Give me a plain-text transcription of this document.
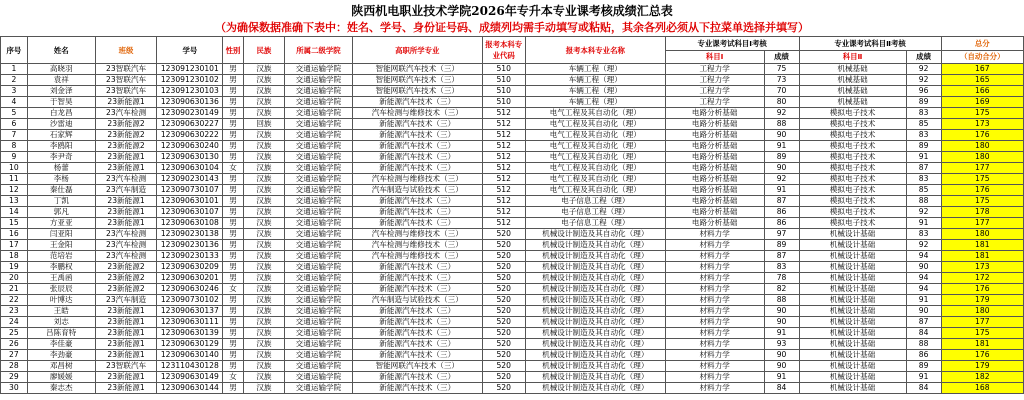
陕西机电职业技术学院2026年专升本专业课考核成绩汇总表
（为确保数据准确下表中：姓名、学号、身份证号码、成绩列均需手动填写或粘贴，其余各列必须从下拉菜单选择并填写）
序号	姓名	班级	学号	性别	民族	所属二级学院	高职所学专业	报考本科专业代码	报考本科专业名称	专业课考试科目Ⅰ考核		专业课考试科目Ⅱ考核		总分
										科目Ⅰ	成绩	科目Ⅱ	成绩	（自动合分）
1	高晓羽	23智联汽车	123091230101	男	汉族	交通运输学院	智能网联汽车技术（三）	510	车辆工程（理）	工程力学	75	机械基础	92	167
2	袁祥	23智联汽车	123091230102	男	汉族	交通运输学院	智能网联汽车技术（三）	510	车辆工程（理）	工程力学	73	机械基础	92	165
3	刘金泽	23智联汽车	123091230103	男	汉族	交通运输学院	智能网联汽车技术（三）	510	车辆工程（理）	工程力学	70	机械基础	96	166
4	于智昊	23新能源1	123090630136	男	汉族	交通运输学院	新能源汽车技术（三）	510	车辆工程（理）	工程力学	80	机械基础	89	169
5	白龙昌	23汽车检测	123090230149	男	汉族	交通运输学院	汽车检测与维修技术（三）	512	电气工程及其自动化（理）	电路分析基础	92	模拟电子技术	83	175
6	沙雷迪	23新能源2	123090630227	男	回族	交通运输学院	新能源汽车技术（三）	512	电气工程及其自动化（理）	电路分析基础	88	模拟电子技术	85	173
7	石家辉	23新能源2	123090630222	男	汉族	交通运输学院	新能源汽车技术（三）	512	电气工程及其自动化（理）	电路分析基础	90	模拟电子技术	83	176
8	李鸥阳	23新能源2	123090630240	男	汉族	交通运输学院	新能源汽车技术（三）	512	电气工程及其自动化（理）	电路分析基础	91	模拟电子技术	89	180
9	李尹奇	23新能源1	123090630130	男	汉族	交通运输学院	新能源汽车技术（三）	512	电气工程及其自动化（理）	电路分析基础	89	模拟电子技术	91	180
10	杨蕾	23新能源1	123090630104	女	汉族	交通运输学院	新能源汽车技术（三）	512	电气工程及其自动化（理）	电路分析基础	90	模拟电子技术	87	177
11	李杨	23汽车检测	123090230143	男	汉族	交通运输学院	汽车检测与维修技术（三）	512	电气工程及其自动化（理）	电路分析基础	92	模拟电子技术	83	175
12	秦仕磊	23汽车制造	123090730107	男	汉族	交通运输学院	汽车制造与试验技术（三）	512	电气工程及其自动化（理）	电路分析基础	91	模拟电子技术	85	176
13	丁凯	23新能源1	123090630101	男	汉族	交通运输学院	新能源汽车技术（三）	512	电子信息工程（理）	电路分析基础	87	模拟电子技术	88	175
14	郭凡	23新能源1	123090630107	男	汉族	交通运输学院	新能源汽车技术（三）	512	电子信息工程（理）	电路分析基础	86	模拟电子技术	92	178
15	方亚亚	23新能源1	123090630108	男	汉族	交通运输学院	新能源汽车技术（三）	512	电子信息工程（理）	电路分析基础	86	模拟电子技术	91	177
16	闫亚阳	23汽车检测	123090230138	男	汉族	交通运输学院	汽车检测与维修技术（三）	520	机械设计制造及其自动化（理）	材料力学	97	机械设计基础	83	180
17	王金阳	23汽车检测	123090230136	男	汉族	交通运输学院	汽车检测与维修技术（三）	520	机械设计制造及其自动化（理）	材料力学	89	机械设计基础	92	181
18	范培岩	23汽车检测	123090230133	男	汉族	交通运输学院	汽车检测与维修技术（三）	520	机械设计制造及其自动化（理）	材料力学	87	机械设计基础	94	181
19	李鹏权	23新能源2	123090630209	男	汉族	交通运输学院	新能源汽车技术（三）	520	机械设计制造及其自动化（理）	材料力学	83	机械设计基础	90	173
20	王禹函	23新能源2	123090630201	男	汉族	交通运输学院	新能源汽车技术（三）	520	机械设计制造及其自动化（理）	材料力学	78	机械设计基础	94	172
21	张辰辰	23新能源2	123090630246	女	汉族	交通运输学院	新能源汽车技术（三）	520	机械设计制造及其自动化（理）	材料力学	82	机械设计基础	94	176
22	叶博达	23汽车制造	123090730102	男	汉族	交通运输学院	汽车制造与试验技术（三）	520	机械设计制造及其自动化（理）	材料力学	88	机械设计基础	91	179
23	王皓	23新能源1	123090630137	男	汉族	交通运输学院	新能源汽车技术（三）	520	机械设计制造及其自动化（理）	材料力学	90	机械设计基础	90	180
24	刘志	23新能源1	123090630111	男	汉族	交通运输学院	新能源汽车技术（三）	520	机械设计制造及其自动化（理）	材料力学	90	机械设计基础	87	177
25	吕陈育特	23新能源1	123090630139	男	汉族	交通运输学院	新能源汽车技术（三）	520	机械设计制造及其自动化（理）	材料力学	91	机械设计基础	84	175
26	李佳豪	23新能源1	123090630129	男	汉族	交通运输学院	新能源汽车技术（三）	520	机械设计制造及其自动化（理）	材料力学	93	机械设计基础	88	181
27	李劲豪	23新能源1	123090630140	男	汉族	交通运输学院	新能源汽车技术（三）	520	机械设计制造及其自动化（理）	材料力学	90	机械设计基础	86	176
28	邓昌树	23智联汽车	123110430128	男	汉族	交通运输学院	智能网联汽车技术（三）	520	机械设计制造及其自动化（理）	材料力学	90	机械设计基础	89	179
29	廖媛媛	23新能源1	123090630149	女	汉族	交通运输学院	新能源汽车技术（三）	520	机械设计制造及其自动化（理）	材料力学	91	机械设计基础	91	182
30	秦志杰	23新能源1	123090630144	男	汉族	交通运输学院	新能源汽车技术（三）	520	机械设计制造及其自动化（理）	材料力学	84	机械设计基础	84	168
